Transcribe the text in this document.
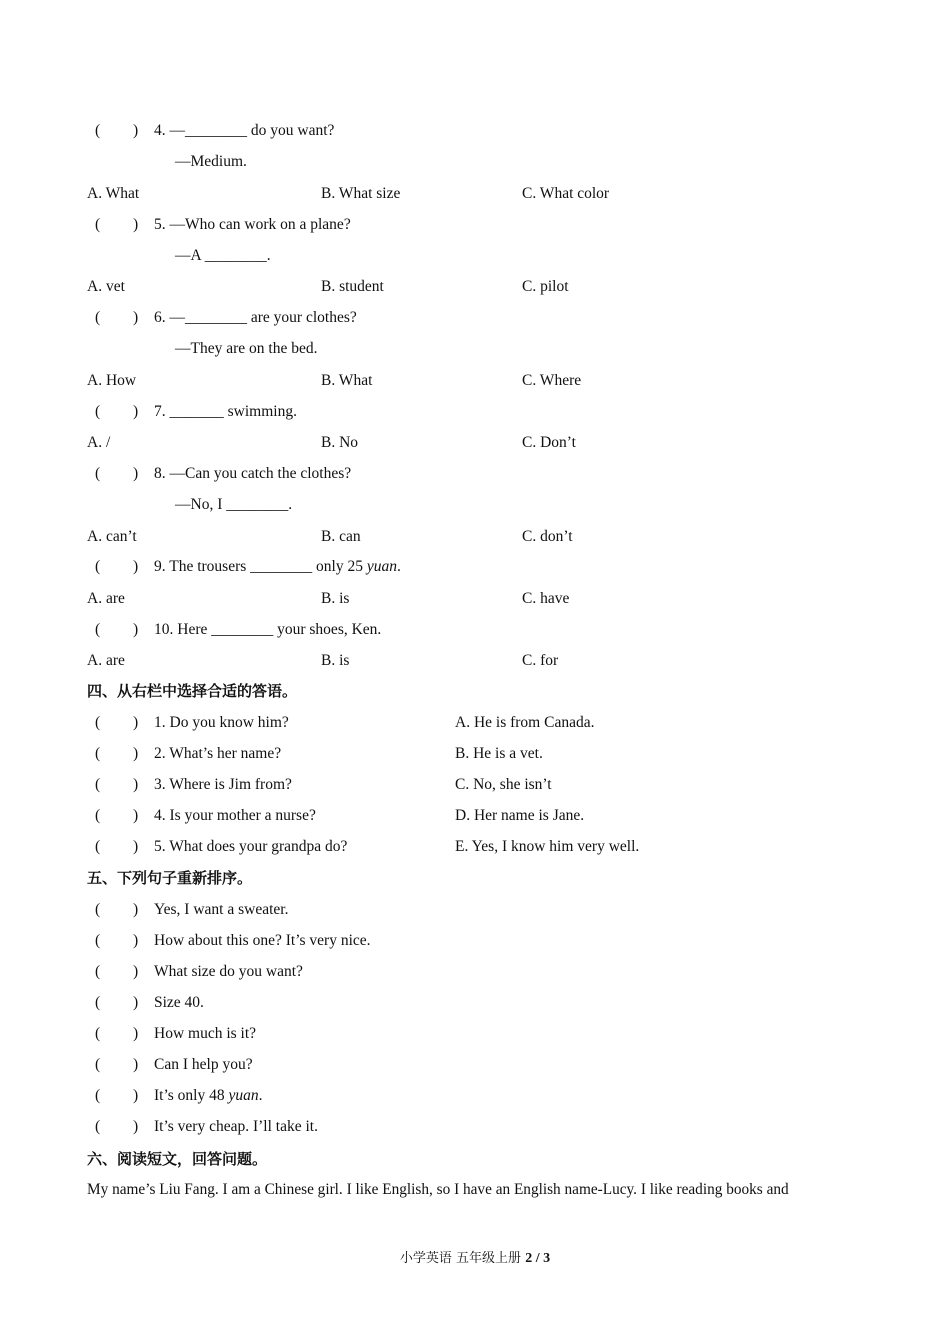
( ) 4. —________ do you want?
—Medium.
A. What	B. What size	C. What color
( ) 5. —Who can work on a plane?
—A ________.
A. vet	B. student	C. pilot
( ) 6. —________ are your clothes?
—They are on the bed.
A. How	B. What	C. Where
( ) 7. _______ swimming.
A. /	B. No	C. Don’t
( ) 8. —Can you catch the clothes?
—No, I ________.
A. can’t	B. can	C. don’t
( ) 9. The trousers ________ only 25 yuan.
A. are	B. is	C. have
( ) 10. Here ________ your shoes, Ken.
A. are	B. is	C. for
四、从右栏中选择合适的答语。
( ) 1. Do you know him?	A. He is from Canada.
( ) 2. What’s her name?	B. He is a vet.
( ) 3. Where is Jim from?	C. No, she isn’t
( ) 4. Is your mother a nurse?	D. Her name is Jane.
( ) 5. What does your grandpa do?	E. Yes, I know him very well.
五、下列句子重新排序。
( ) Yes, I want a sweater.
( ) How about this one? It’s very nice.
( ) What size do you want?
( ) Size 40.
( ) How much is it?
( ) Can I help you?
( ) It’s only 48 yuan.
( ) It’s very cheap. I’ll take it.
六、阅读短文，回答问题。
My name’s Liu Fang. I am a Chinese girl. I like English, so I have an English name-Lucy. I like reading books and
小学英语 五年级上册 2 / 3
